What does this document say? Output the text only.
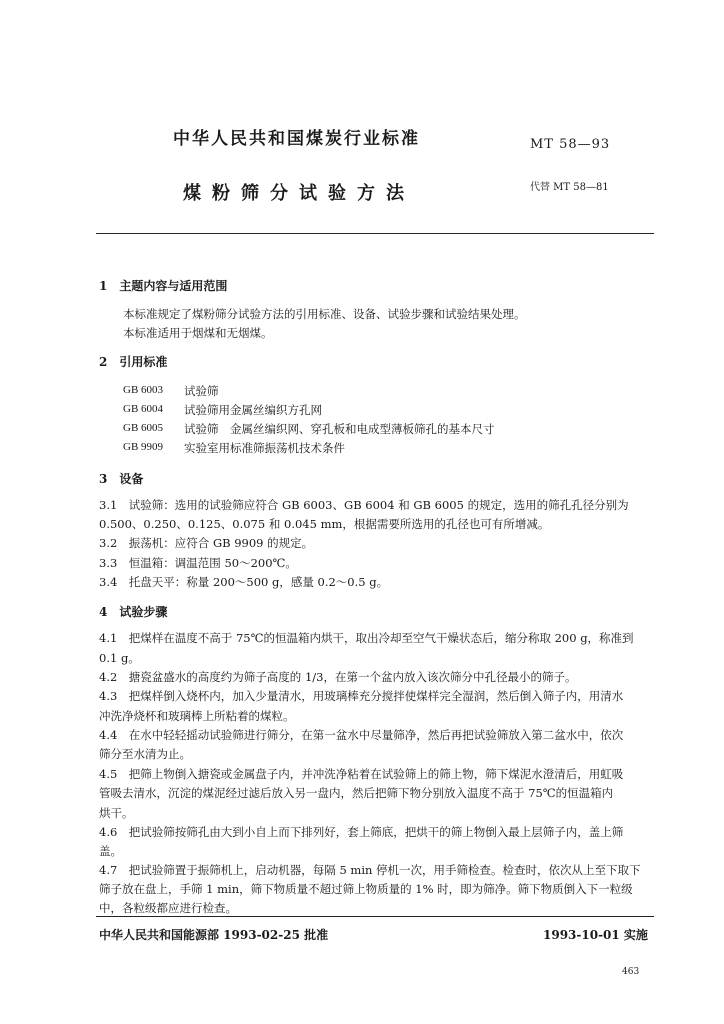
中华人民共和国煤炭行业标准	MT 58—93
煤粉筛分试验方法	代替 MT 58—81
1　主题内容与适用范围
本标准规定了煤粉筛分试验方法的引用标准、设备、试验步骤和试验结果处理。
本标准适用于烟煤和无烟煤。
2　引用标准
GB 6003 试验筛
GB 6004 试验筛用金属丝编织方孔网
GB 6005 试验筛　金属丝编织网、穿孔板和电成型薄板筛孔的基本尺寸
GB 9909 实验室用标准筛振荡机技术条件
3　设备
3.1　试验筛：选用的试验筛应符合 GB 6003、GB 6004 和 GB 6005 的规定，选用的筛孔孔径分别为
0.500、0.250、0.125、0.075 和 0.045 mm，根据需要所选用的孔径也可有所增减。
3.2　振荡机：应符合 GB 9909 的规定。
3.3　恒温箱：调温范围 50～200℃。
3.4　托盘天平：称量 200～500 g，感量 0.2～0.5 g。
4　试验步骤
4.1　把煤样在温度不高于 75℃的恒温箱内烘干，取出冷却至空气干燥状态后，缩分称取 200 g，称准到
0.1 g。
4.2　搪瓷盆盛水的高度约为筛子高度的 1/3，在第一个盆内放入该次筛分中孔径最小的筛子。
4.3　把煤样倒入烧杯内，加入少量清水，用玻璃棒充分搅拌使煤样完全湿润，然后倒入筛子内，用清水
冲洗净烧杯和玻璃棒上所粘着的煤粒。
4.4　在水中轻轻摇动试验筛进行筛分，在第一盆水中尽量筛净，然后再把试验筛放入第二盆水中，依次
筛分至水清为止。
4.5　把筛上物倒入搪瓷或金属盘子内，并冲洗净粘着在试验筛上的筛上物，筛下煤泥水澄清后，用虹吸
管吸去清水，沉淀的煤泥经过滤后放入另一盘内，然后把筛下物分别放入温度不高于 75℃的恒温箱内
烘干。
4.6　把试验筛按筛孔由大到小自上而下排列好，套上筛底，把烘干的筛上物倒入最上层筛子内，盖上筛
盖。
4.7　把试验筛置于振筛机上，启动机器，每隔 5 min 停机一次，用手筛检查。检查时，依次从上至下取下
筛子放在盘上，手筛 1 min，筛下物质量不超过筛上物质量的 1% 时，即为筛净。筛下物质倒入下一粒级
中，各粒级都应进行检查。
中华人民共和国能源部 1993-02-25 批准	1993-10-01 实施
463
